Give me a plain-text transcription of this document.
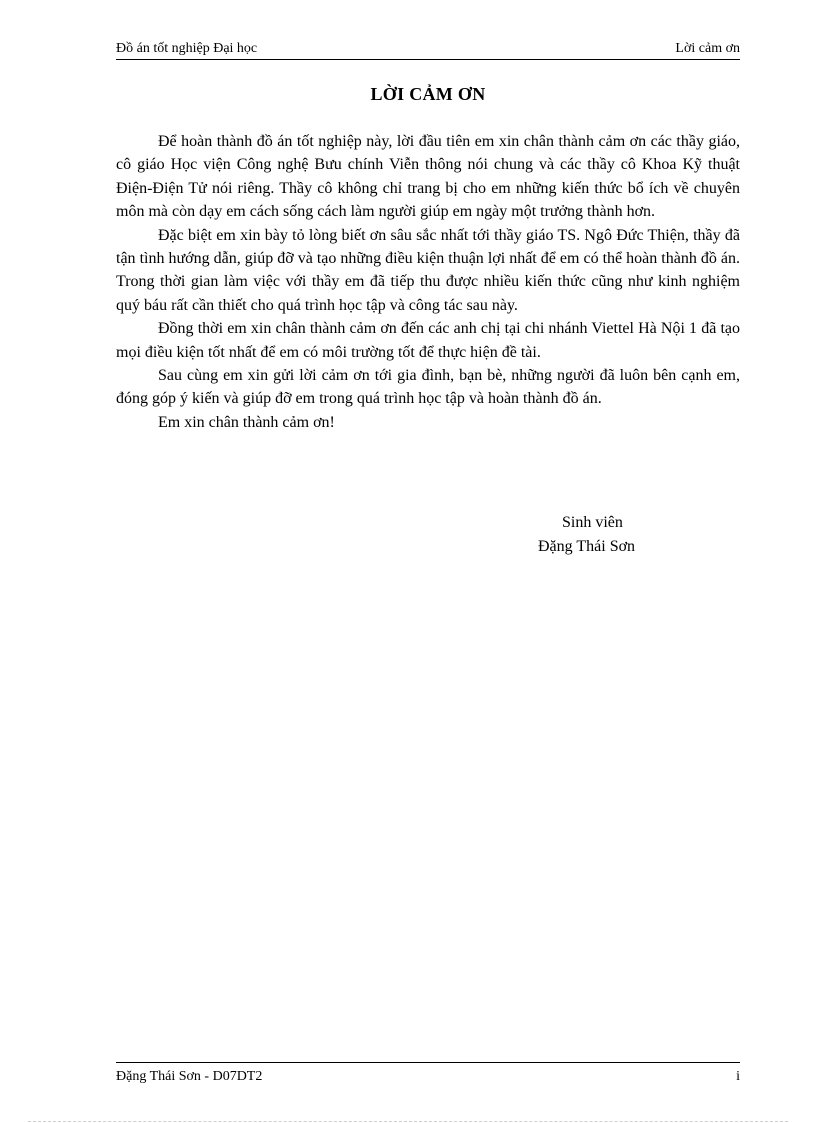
Đồ án tốt nghiệp Đại học	Lời cảm ơn
LỜI CẢM ƠN

Để hoàn thành đồ án tốt nghiệp này, lời đầu tiên em xin chân thành cảm ơn các thầy giáo, cô giáo Học viện Công nghệ Bưu chính Viễn thông nói chung và các thầy cô Khoa Kỹ thuật Điện-Điện Tử nói riêng. Thầy cô không chỉ trang bị cho em những kiến thức bổ ích về chuyên môn mà còn dạy em cách sống cách làm người giúp em ngày một trưởng thành hơn.

Đặc biệt em xin bày tỏ lòng biết ơn sâu sắc nhất tới thầy giáo TS. Ngô Đức Thiện, thầy đã tận tình hướng dẫn, giúp đỡ và tạo những điều kiện thuận lợi nhất để em có thể hoàn thành đồ án. Trong thời gian làm việc với thầy em đã tiếp thu được nhiều kiến thức cũng như kinh nghiệm quý báu rất cần thiết cho quá trình học tập và công tác sau này.

Đồng thời em xin chân thành cảm ơn đến các anh chị tại chi nhánh Viettel Hà Nội 1 đã tạo mọi điều kiện tốt nhất để em có môi trường tốt để thực hiện đề tài.

Sau cùng em xin gửi lời cảm ơn tới gia đình, bạn bè, những người đã luôn bên cạnh em, đóng góp ý kiến và giúp đỡ em trong quá trình học tập và hoàn thành đồ án.

Em xin chân thành cảm ơn!

Sinh viên
Đặng Thái Sơn
Đặng Thái Sơn - D07DT2	i
